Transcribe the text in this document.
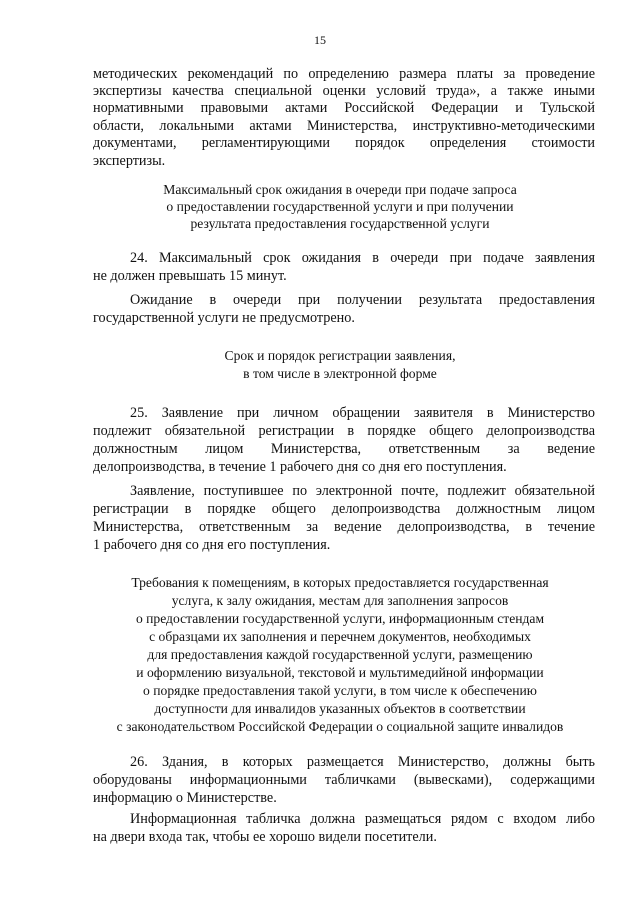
15
методических рекомендаций по определению размера платы за проведение
экспертизы качества специальной оценки условий труда», а также иными
нормативными правовыми актами Российской Федерации и Тульской
области, локальными актами Министерства, инструктивно-методическими
документами, регламентирующими порядок определения стоимости
экспертизы.
Максимальный срок ожидания в очереди при подаче запроса
о предоставлении государственной услуги и при получении
результата предоставления государственной услуги
24. Максимальный срок ожидания в очереди при подаче заявления
не должен превышать 15 минут.
Ожидание в очереди при получении результата предоставления
государственной услуги не предусмотрено.
Срок и порядок регистрации заявления,
в том числе в электронной форме
25. Заявление при личном обращении заявителя в Министерство
подлежит обязательной регистрации в порядке общего делопроизводства
должностным лицом Министерства, ответственным за ведение
делопроизводства, в течение 1 рабочего дня со дня его поступления.
Заявление, поступившее по электронной почте, подлежит обязательной
регистрации в порядке общего делопроизводства должностным лицом
Министерства, ответственным за ведение делопроизводства, в течение
1 рабочего дня со дня его поступления.
Требования к помещениям, в которых предоставляется государственная
услуга, к залу ожидания, местам для заполнения запросов
о предоставлении государственной услуги, информационным стендам
с образцами их заполнения и перечнем документов, необходимых
для предоставления каждой государственной услуги, размещению
и оформлению визуальной, текстовой и мультимедийной информации
о порядке предоставления такой услуги, в том числе к обеспечению
доступности для инвалидов указанных объектов в соответствии
с законодательством Российской Федерации о социальной защите инвалидов
26. Здания, в которых размещается Министерство, должны быть
оборудованы информационными табличками (вывесками), содержащими
информацию о Министерстве.
Информационная табличка должна размещаться рядом с входом либо
на двери входа так, чтобы ее хорошо видели посетители.
